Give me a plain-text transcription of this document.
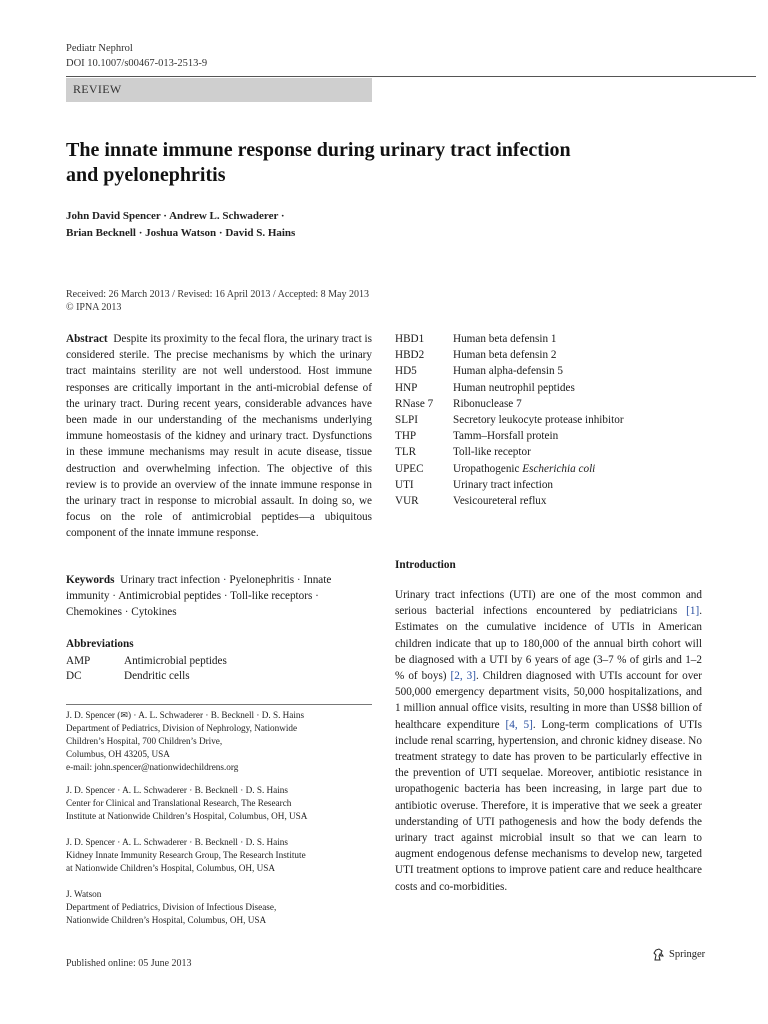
Pediatr Nephrol
DOI 10.1007/s00467-013-2513-9
REVIEW
The innate immune response during urinary tract infection
and pyelonephritis
John David Spencer · Andrew L. Schwaderer ·
Brian Becknell · Joshua Watson · David S. Hains
Received: 26 March 2013 / Revised: 16 April 2013 / Accepted: 8 May 2013
© IPNA 2013
Abstract Despite its proximity to the fecal flora, the urinary tract is considered sterile. The precise mechanisms by which the urinary tract maintains sterility are not well understood. Host immune responses are critically important in the anti-microbial defense of the urinary tract. During recent years, considerable advances have been made in our understanding of the mechanisms underlying immune homeostasis of the kidney and urinary tract. Dysfunctions in these immune mechanisms may result in acute disease, tissue destruction and overwhelming infection. The objective of this review is to provide an overview of the innate immune response in the urinary tract in response to microbial assault. In doing so, we focus on the role of antimicrobial peptides—a ubiquitous component of the innate immune response.
Keywords Urinary tract infection · Pyelonephritis · Innate immunity · Antimicrobial peptides · Toll-like receptors · Chemokines · Cytokines
Abbreviations
AMP	Antimicrobial peptides
DC	Dendritic cells
J. D. Spencer (✉) · A. L. Schwaderer · B. Becknell · D. S. Hains
Department of Pediatrics, Division of Nephrology, Nationwide
Children’s Hospital, 700 Children’s Drive,
Columbus, OH 43205, USA
e-mail: john.spencer@nationwidechildrens.org
J. D. Spencer · A. L. Schwaderer · B. Becknell · D. S. Hains
Center for Clinical and Translational Research, The Research
Institute at Nationwide Children’s Hospital, Columbus, OH, USA
J. D. Spencer · A. L. Schwaderer · B. Becknell · D. S. Hains
Kidney Innate Immunity Research Group, The Research Institute
at Nationwide Children’s Hospital, Columbus, OH, USA
J. Watson
Department of Pediatrics, Division of Infectious Disease,
Nationwide Children’s Hospital, Columbus, OH, USA
HBD1	Human beta defensin 1
HBD2	Human beta defensin 2
HD5	Human alpha-defensin 5
HNP	Human neutrophil peptides
RNase 7	Ribonuclease 7
SLPI	Secretory leukocyte protease inhibitor
THP	Tamm–Horsfall protein
TLR	Toll-like receptor
UPEC	Uropathogenic Escherichia coli
UTI	Urinary tract infection
VUR	Vesicoureteral reflux
Introduction
Urinary tract infections (UTI) are one of the most common and serious bacterial infections encountered by pediatricians [1]. Estimates on the cumulative incidence of UTIs in American children indicate that up to 180,000 of the annual birth cohort will be diagnosed with a UTI by 6 years of age (3–7 % of girls and 1–2 % of boys) [2, 3]. Children diagnosed with UTIs account for over 500,000 emergency department visits, 50,000 hospitalizations, and 1 million annual office visits, resulting in more than US$8 billion of healthcare expenditure [4, 5]. Long-term complications of UTIs include renal scarring, hypertension, and chronic kidney disease. No treatment strategy to date has proven to be particularly effective in the prevention of UTI sequelae. Moreover, antibiotic resistance in uropathogenic bacteria has been increasing, in large part due to antibiotic overuse. Therefore, it is imperative that we seek a greater understanding of UTI pathogenesis and how the body defends the urinary tract against microbial insult so that we can learn to augment endogenous defense mechanisms to develop new, targeted UTI treatment options to improve patient care and reduce healthcare costs and co-morbidities.
Published online: 05 June 2013
Springer
